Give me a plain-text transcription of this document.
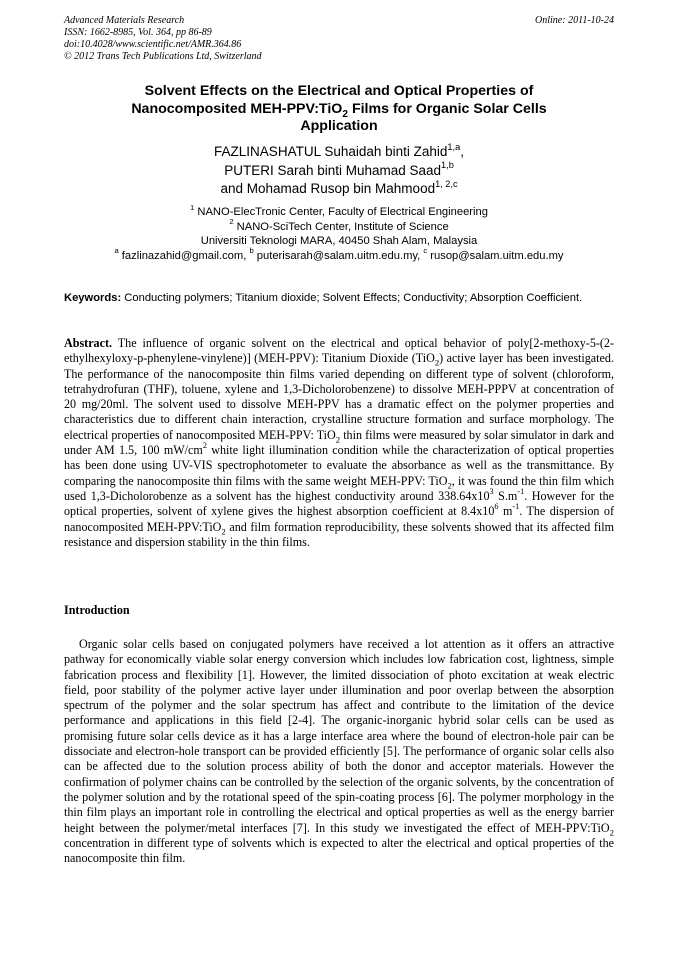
Advanced Materials Research
ISSN: 1662-8985, Vol. 364, pp 86-89
doi:10.4028/www.scientific.net/AMR.364.86
© 2012 Trans Tech Publications Ltd, Switzerland
Online: 2011-10-24
Solvent Effects on the Electrical and Optical Properties of
Nanocomposited MEH-PPV:TiO$_2$ Films for Organic Solar Cells
Application
FAZLINASHATUL Suhaidah binti Zahid$^{1,a}$,
PUTERI Sarah binti Muhamad Saad$^{1,b}$
and Mohamad Rusop bin Mahmood$^{1, 2,c}$
$^1$ NANO-ElecTronic Center, Faculty of Electrical Engineering
$^2$ NANO-SciTech Center, Institute of Science
Universiti Teknologi MARA, 40450 Shah Alam, Malaysia
$^a$ fazlinazahid@gmail.com, $^b$ puterisarah@salam.uitm.edu.my, $^c$ rusop@salam.uitm.edu.my
Keywords: Conducting polymers; Titanium dioxide; Solvent Effects; Conductivity; Absorption Coefficient.
Abstract. The influence of organic solvent on the electrical and optical behavior of poly[2-methoxy-5-(2-ethylhexyloxy-p-phenylene-vinylene)] (MEH-PPV): Titanium Dioxide (TiO$_2$) active layer has been investigated. The performance of the nanocomposite thin films varied depending on different type of solvent (chloroform, tetrahydrofuran (THF), toluene, xylene and 1,3-Dicholorobenzene) to dissolve MEH-PPPV at concentration of 20 mg/20ml. The solvent used to dissolve MEH-PPV has a dramatic effect on the polymer properties and characteristics due to different chain interaction, crystalline structure formation and surface morphology. The electrical properties of nanocomposited MEH-PPV: TiO$_2$ thin films were measured by solar simulator in dark and under AM 1.5, 100 $mW/cm^2$ white light illumination condition while the characterization of optical properties has been done using UV-VIS spectrophotometer to evaluate the absorbance as well as the transmittance. By comparing the nanocomposite thin films with the same weight MEH-PPV: TiO$_2$, it was found the thin film which used 1,3-Dicholorobenze as a solvent has the highest conductivity around $338.64x10^3$ $S.m^{-1}$. However for the optical properties, solvent of xylene gives the highest absorption coefficient at $8.4x10^6$ $m^{-1}$. The dispersion of nanocomposited MEH-PPV:TiO$_2$ and film formation reproducibility, these solvents showed that its affected film resistance and dispersion stability in the thin films.
Introduction

Organic solar cells based on conjugated polymers have received a lot attention as it offers an attractive pathway for economically viable solar energy conversion which includes low fabrication cost, lightness, simple fabrication process and flexibility [1]. However, the limited dissociation of photo excitation at weak electric field, poor stability of the polymer active layer under illumination and poor overlap between the absorption spectrum of the polymer and the solar spectrum has affect and contribute to the limitation of the device performance and applications in this field [2-4]. The organic-inorganic hybrid solar cells can be used as promising future solar cells device as it has a large interface area where the bound of electron-hole pair can be dissociate and electron-hole transport can be provided efficiently [5]. The performance of organic solar cells also can be affected due to the solution process ability of both the donor and acceptor materials. However the confirmation of polymer chains can be controlled by the selection of the organic solvents, by the concentration of the polymer solution and by the rotational speed of the spin-coating process [6]. The polymer morphology in the thin film plays an important role in controlling the electrical and optical properties as well as the energy barrier height between the polymer/metal interfaces [7]. In this study we investigated the effect of MEH-PPV:TiO$_2$ concentration in different type of solvents which is expected to alter the electrical and optical properties of the nanocomposite thin film.
